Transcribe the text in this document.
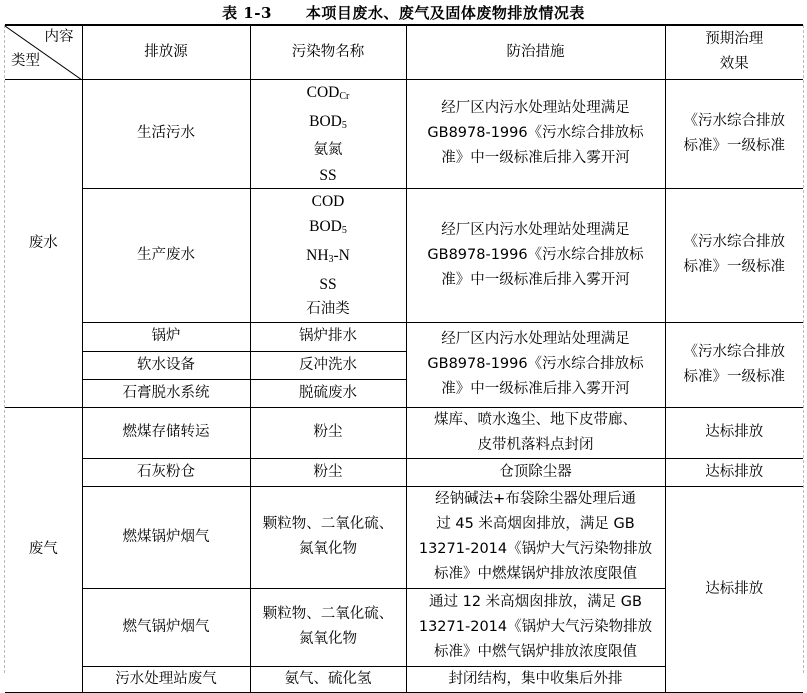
表 1-3 本项目废水、废气及固体废物排放情况表
内容
类型	排放源	污染物名称	防治措施	预期治理
效果

废水	生活污水	$COD_{Cr}$
$BOD_5$
氨氮
SS	经厂区内污水处理站处理满足
GB8978-1996《污水综合排放标
准》中一级标准后排入雾开河	《污水综合排放
标准》一级标准

	生产废水	COD
$BOD_5$
$NH_3-N$
SS
石油类	经厂区内污水处理站处理满足
GB8978-1996《污水综合排放标
准》中一级标准后排入雾开河	《污水综合排放
标准》一级标准

	锅炉	锅炉排水	经厂区内污水处理站处理满足
GB8978-1996《污水综合排放标
准》中一级标准后排入雾开河	《污水综合排放
标准》一级标准

	软水设备	反冲洗水		
	石膏脱水系统	脱硫废水		
废气	燃煤存储转运	粉尘	煤库、喷水逸尘、地下皮带廊、
皮带机落料点封闭	达标排放
	石灰粉仓	粉尘	仓顶除尘器	达标排放
	燃煤锅炉烟气	颗粒物、二氧化硫、
氮氧化物	经钠碱法+布袋除尘器处理后通
过 45 米高烟囱排放，满足 GB
13271-2014《锅炉大气污染物排放
标准》中燃煤锅炉排放浓度限值	达标排放
	燃气锅炉烟气	颗粒物、二氧化硫、
氮氧化物	通过 12 米高烟囱排放，满足 GB
13271-2014《锅炉大气污染物排放
标准》中燃气锅炉排放浓度限值	

	污水处理站废气	氨气、硫化氢	封闭结构，集中收集后外排	
